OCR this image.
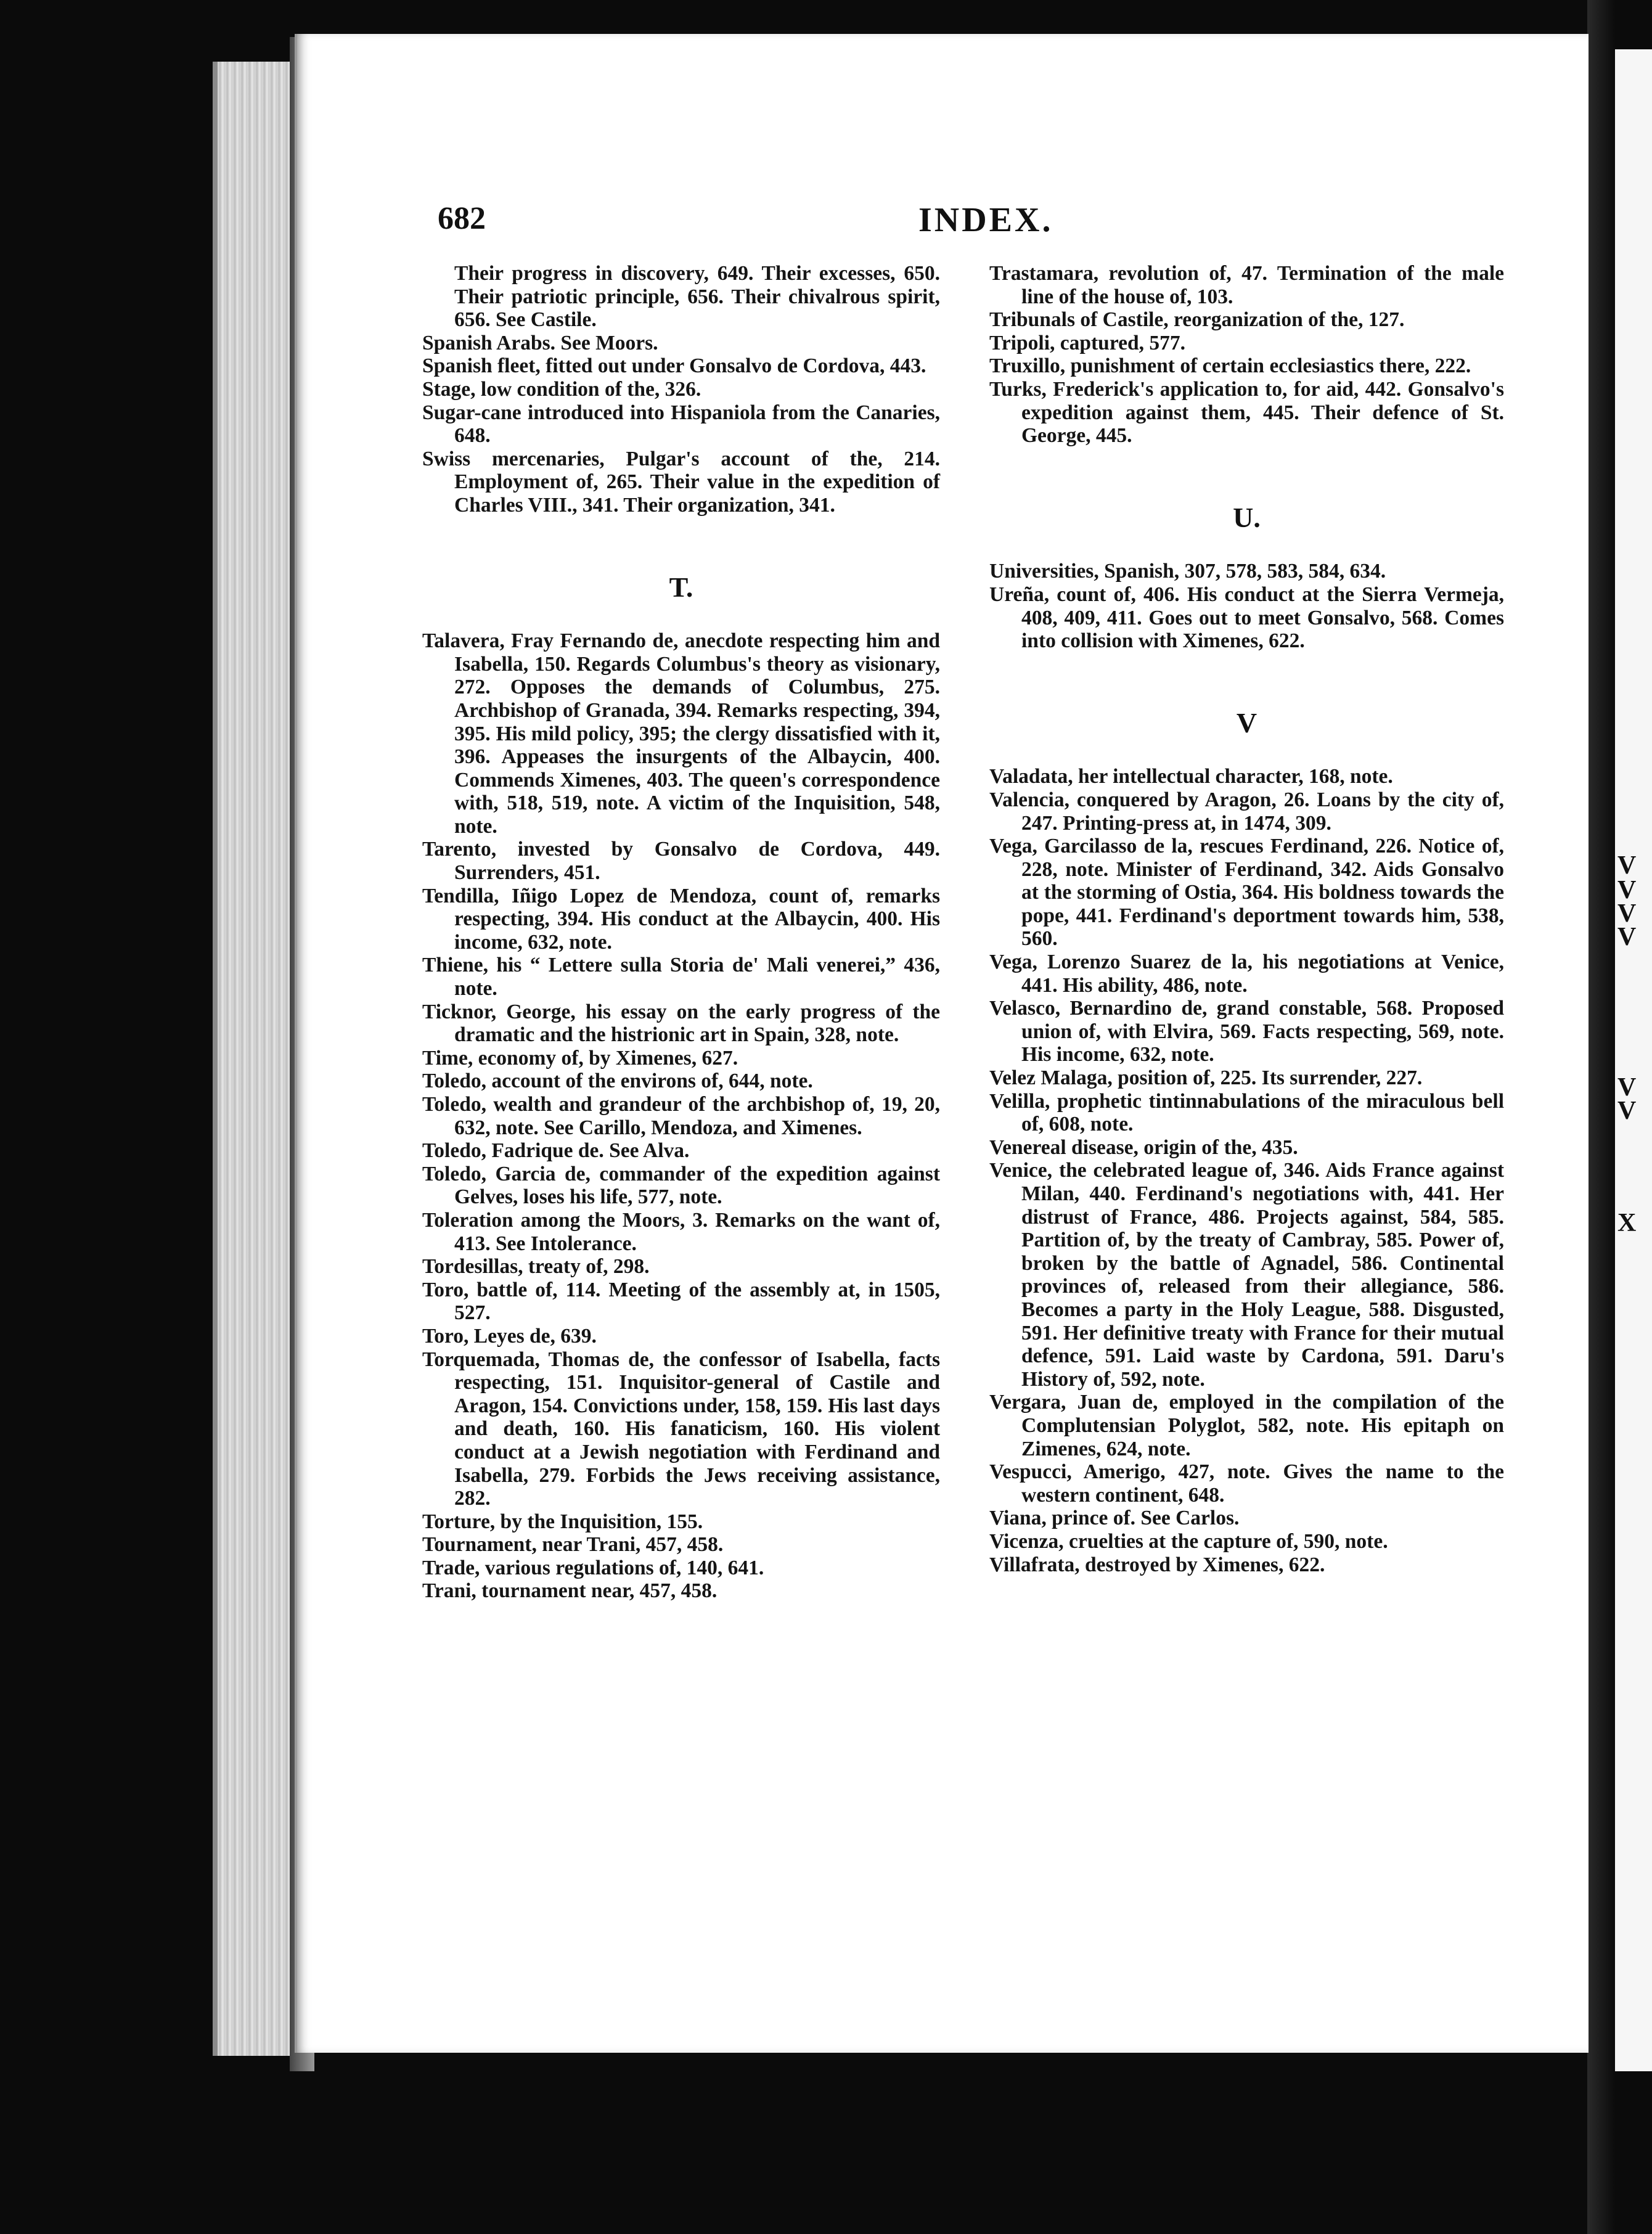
V
V
V
V
V
V
X
682	INDEX.

Their progress in discovery, 649. Their excesses, 650. Their patriotic principle, 656. Their chivalrous spirit, 656. See Castile.

Spanish Arabs. See Moors.

Spanish fleet, fitted out under Gonsalvo de Cordova, 443.

Stage, low condition of the, 326.

Sugar-cane introduced into Hispaniola from the Canaries, 648.

Swiss mercenaries, Pulgar's account of the, 214. Employment of, 265. Their value in the expedition of Charles VIII., 341. Their organization, 341.

T.

Talavera, Fray Fernando de, anecdote respecting him and Isabella, 150. Regards Columbus's theory as visionary, 272. Opposes the demands of Columbus, 275. Archbishop of Granada, 394. Remarks respecting, 394, 395. His mild policy, 395; the clergy dissatisfied with it, 396. Appeases the insurgents of the Albaycin, 400. Commends Ximenes, 403. The queen's correspondence with, 518, 519, note. A victim of the Inquisition, 548, note.

Tarento, invested by Gonsalvo de Cordova, 449. Surrenders, 451.

Tendilla, Iñigo Lopez de Mendoza, count of, remarks respecting, 394. His conduct at the Albaycin, 400. His income, 632, note.

Thiene, his “ Lettere sulla Storia de' Mali venerei,” 436, note.

Ticknor, George, his essay on the early progress of the dramatic and the histrionic art in Spain, 328, note.

Time, economy of, by Ximenes, 627.

Toledo, account of the environs of, 644, note.

Toledo, wealth and grandeur of the archbishop of, 19, 20, 632, note. See Carillo, Mendoza, and Ximenes.

Toledo, Fadrique de. See Alva.

Toledo, Garcia de, commander of the expedition against Gelves, loses his life, 577, note.

Toleration among the Moors, 3. Remarks on the want of, 413. See Intolerance.

Tordesillas, treaty of, 298.

Toro, battle of, 114. Meeting of the assembly at, in 1505, 527.

Toro, Leyes de, 639.

Torquemada, Thomas de, the confessor of Isabella, facts respecting, 151. Inquisitor-general of Castile and Aragon, 154. Convictions under, 158, 159. His last days and death, 160. His fanaticism, 160. His violent conduct at a Jewish negotiation with Ferdinand and Isabella, 279. Forbids the Jews receiving assistance, 282.

Torture, by the Inquisition, 155.

Tournament, near Trani, 457, 458.

Trade, various regulations of, 140, 641.

Trani, tournament near, 457, 458.

Trastamara, revolution of, 47. Termination of the male line of the house of, 103.

Tribunals of Castile, reorganization of the, 127.

Tripoli, captured, 577.

Truxillo, punishment of certain ecclesiastics there, 222.

Turks, Frederick's application to, for aid, 442. Gonsalvo's expedition against them, 445. Their defence of St. George, 445.

U.

Universities, Spanish, 307, 578, 583, 584, 634.

Ureña, count of, 406. His conduct at the Sierra Vermeja, 408, 409, 411. Goes out to meet Gonsalvo, 568. Comes into collision with Ximenes, 622.

V

Valadata, her intellectual character, 168, note.

Valencia, conquered by Aragon, 26. Loans by the city of, 247. Printing-press at, in 1474, 309.

Vega, Garcilasso de la, rescues Ferdinand, 226. Notice of, 228, note. Minister of Ferdinand, 342. Aids Gonsalvo at the storming of Ostia, 364. His boldness towards the pope, 441. Ferdinand's deportment towards him, 538, 560.

Vega, Lorenzo Suarez de la, his negotiations at Venice, 441. His ability, 486, note.

Velasco, Bernardino de, grand constable, 568. Proposed union of, with Elvira, 569. Facts respecting, 569, note. His income, 632, note.

Velez Malaga, position of, 225. Its surrender, 227.

Velilla, prophetic tintinnabulations of the miraculous bell of, 608, note.

Venereal disease, origin of the, 435.

Venice, the celebrated league of, 346. Aids France against Milan, 440. Ferdinand's negotiations with, 441. Her distrust of France, 486. Projects against, 584, 585. Partition of, by the treaty of Cambray, 585. Power of, broken by the battle of Agnadel, 586. Continental provinces of, released from their allegiance, 586. Becomes a party in the Holy League, 588. Disgusted, 591. Her definitive treaty with France for their mutual defence, 591. Laid waste by Cardona, 591. Daru's History of, 592, note.

Vergara, Juan de, employed in the compilation of the Complutensian Polyglot, 582, note. His epitaph on Zimenes, 624, note.

Vespucci, Amerigo, 427, note. Gives the name to the western continent, 648.

Viana, prince of. See Carlos.

Vicenza, cruelties at the capture of, 590, note.

Villafrata, destroyed by Ximenes, 622.
